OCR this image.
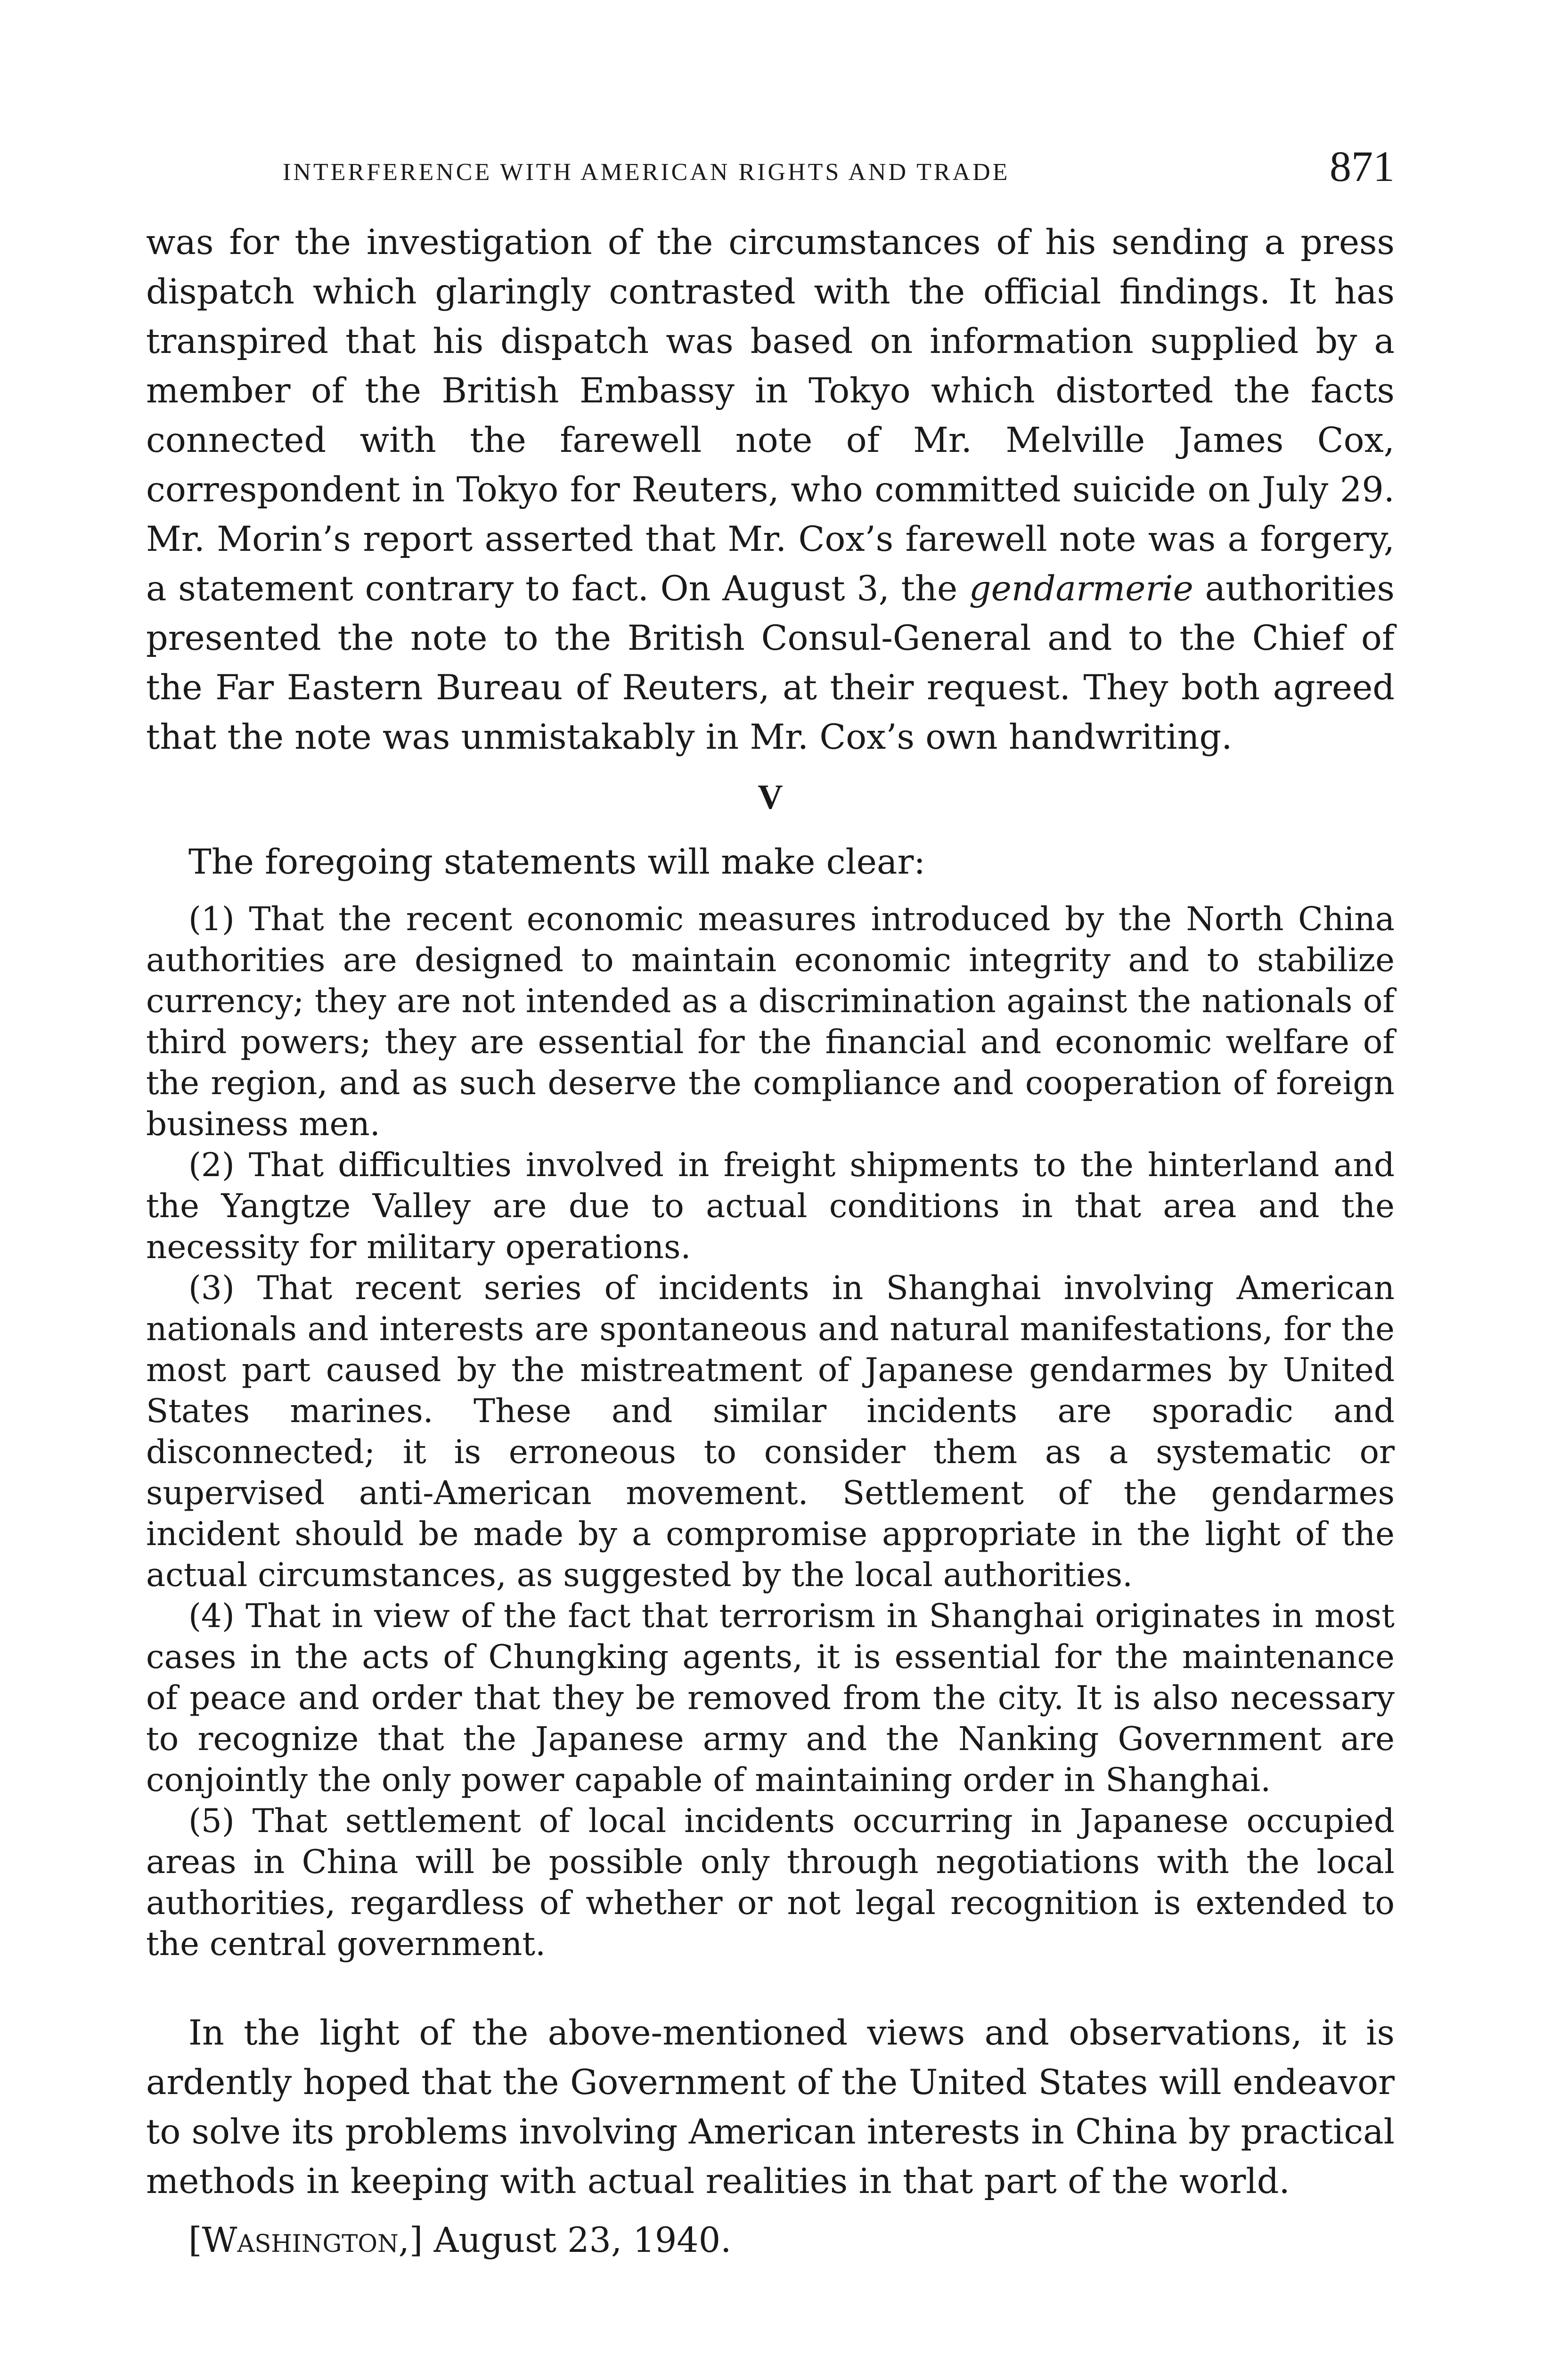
INTERFERENCE WITH AMERICAN RIGHTS AND TRADE	871

was for the investigation of the circumstances of his sending a press dispatch which glaringly contrasted with the official findings. It has transpired that his dispatch was based on information supplied by a member of the British Embassy in Tokyo which distorted the facts connected with the farewell note of Mr. Melville James Cox, correspondent in Tokyo for Reuters, who committed suicide on July 29. Mr. Morin’s report asserted that Mr. Cox’s farewell note was a forgery, a statement contrary to fact. On August 3, the gendarmerie authorities presented the note to the British Consul-General and to the Chief of the Far Eastern Bureau of Reuters, at their request. They both agreed that the note was unmistakably in Mr. Cox’s own handwriting.

V

The foregoing statements will make clear:

(1) That the recent economic measures introduced by the North China authorities are designed to maintain economic integrity and to stabilize currency; they are not intended as a discrimination against the nationals of third powers; they are essential for the financial and economic welfare of the region, and as such deserve the compliance and cooperation of foreign business men.

(2) That difficulties involved in freight shipments to the hinterland and the Yangtze Valley are due to actual conditions in that area and the necessity for military operations.

(3) That recent series of incidents in Shanghai involving American nationals and interests are spontaneous and natural manifestations, for the most part caused by the mistreatment of Japanese gendarmes by United States marines. These and similar incidents are sporadic and disconnected; it is erroneous to consider them as a systematic or supervised anti-American movement. Settlement of the gendarmes incident should be made by a compromise appropriate in the light of the actual circumstances, as suggested by the local authorities.

(4) That in view of the fact that terrorism in Shanghai originates in most cases in the acts of Chungking agents, it is essential for the maintenance of peace and order that they be removed from the city. It is also necessary to recognize that the Japanese army and the Nanking Government are conjointly the only power capable of maintaining order in Shanghai.

(5) That settlement of local incidents occurring in Japanese occupied areas in China will be possible only through negotiations with the local authorities, regardless of whether or not legal recognition is extended to the central government.

In the light of the above-mentioned views and observations, it is ardently hoped that the Government of the United States will endeavor to solve its problems involving American interests in China by practical methods in keeping with actual realities in that part of the world.

[Washington,] August 23, 1940.
